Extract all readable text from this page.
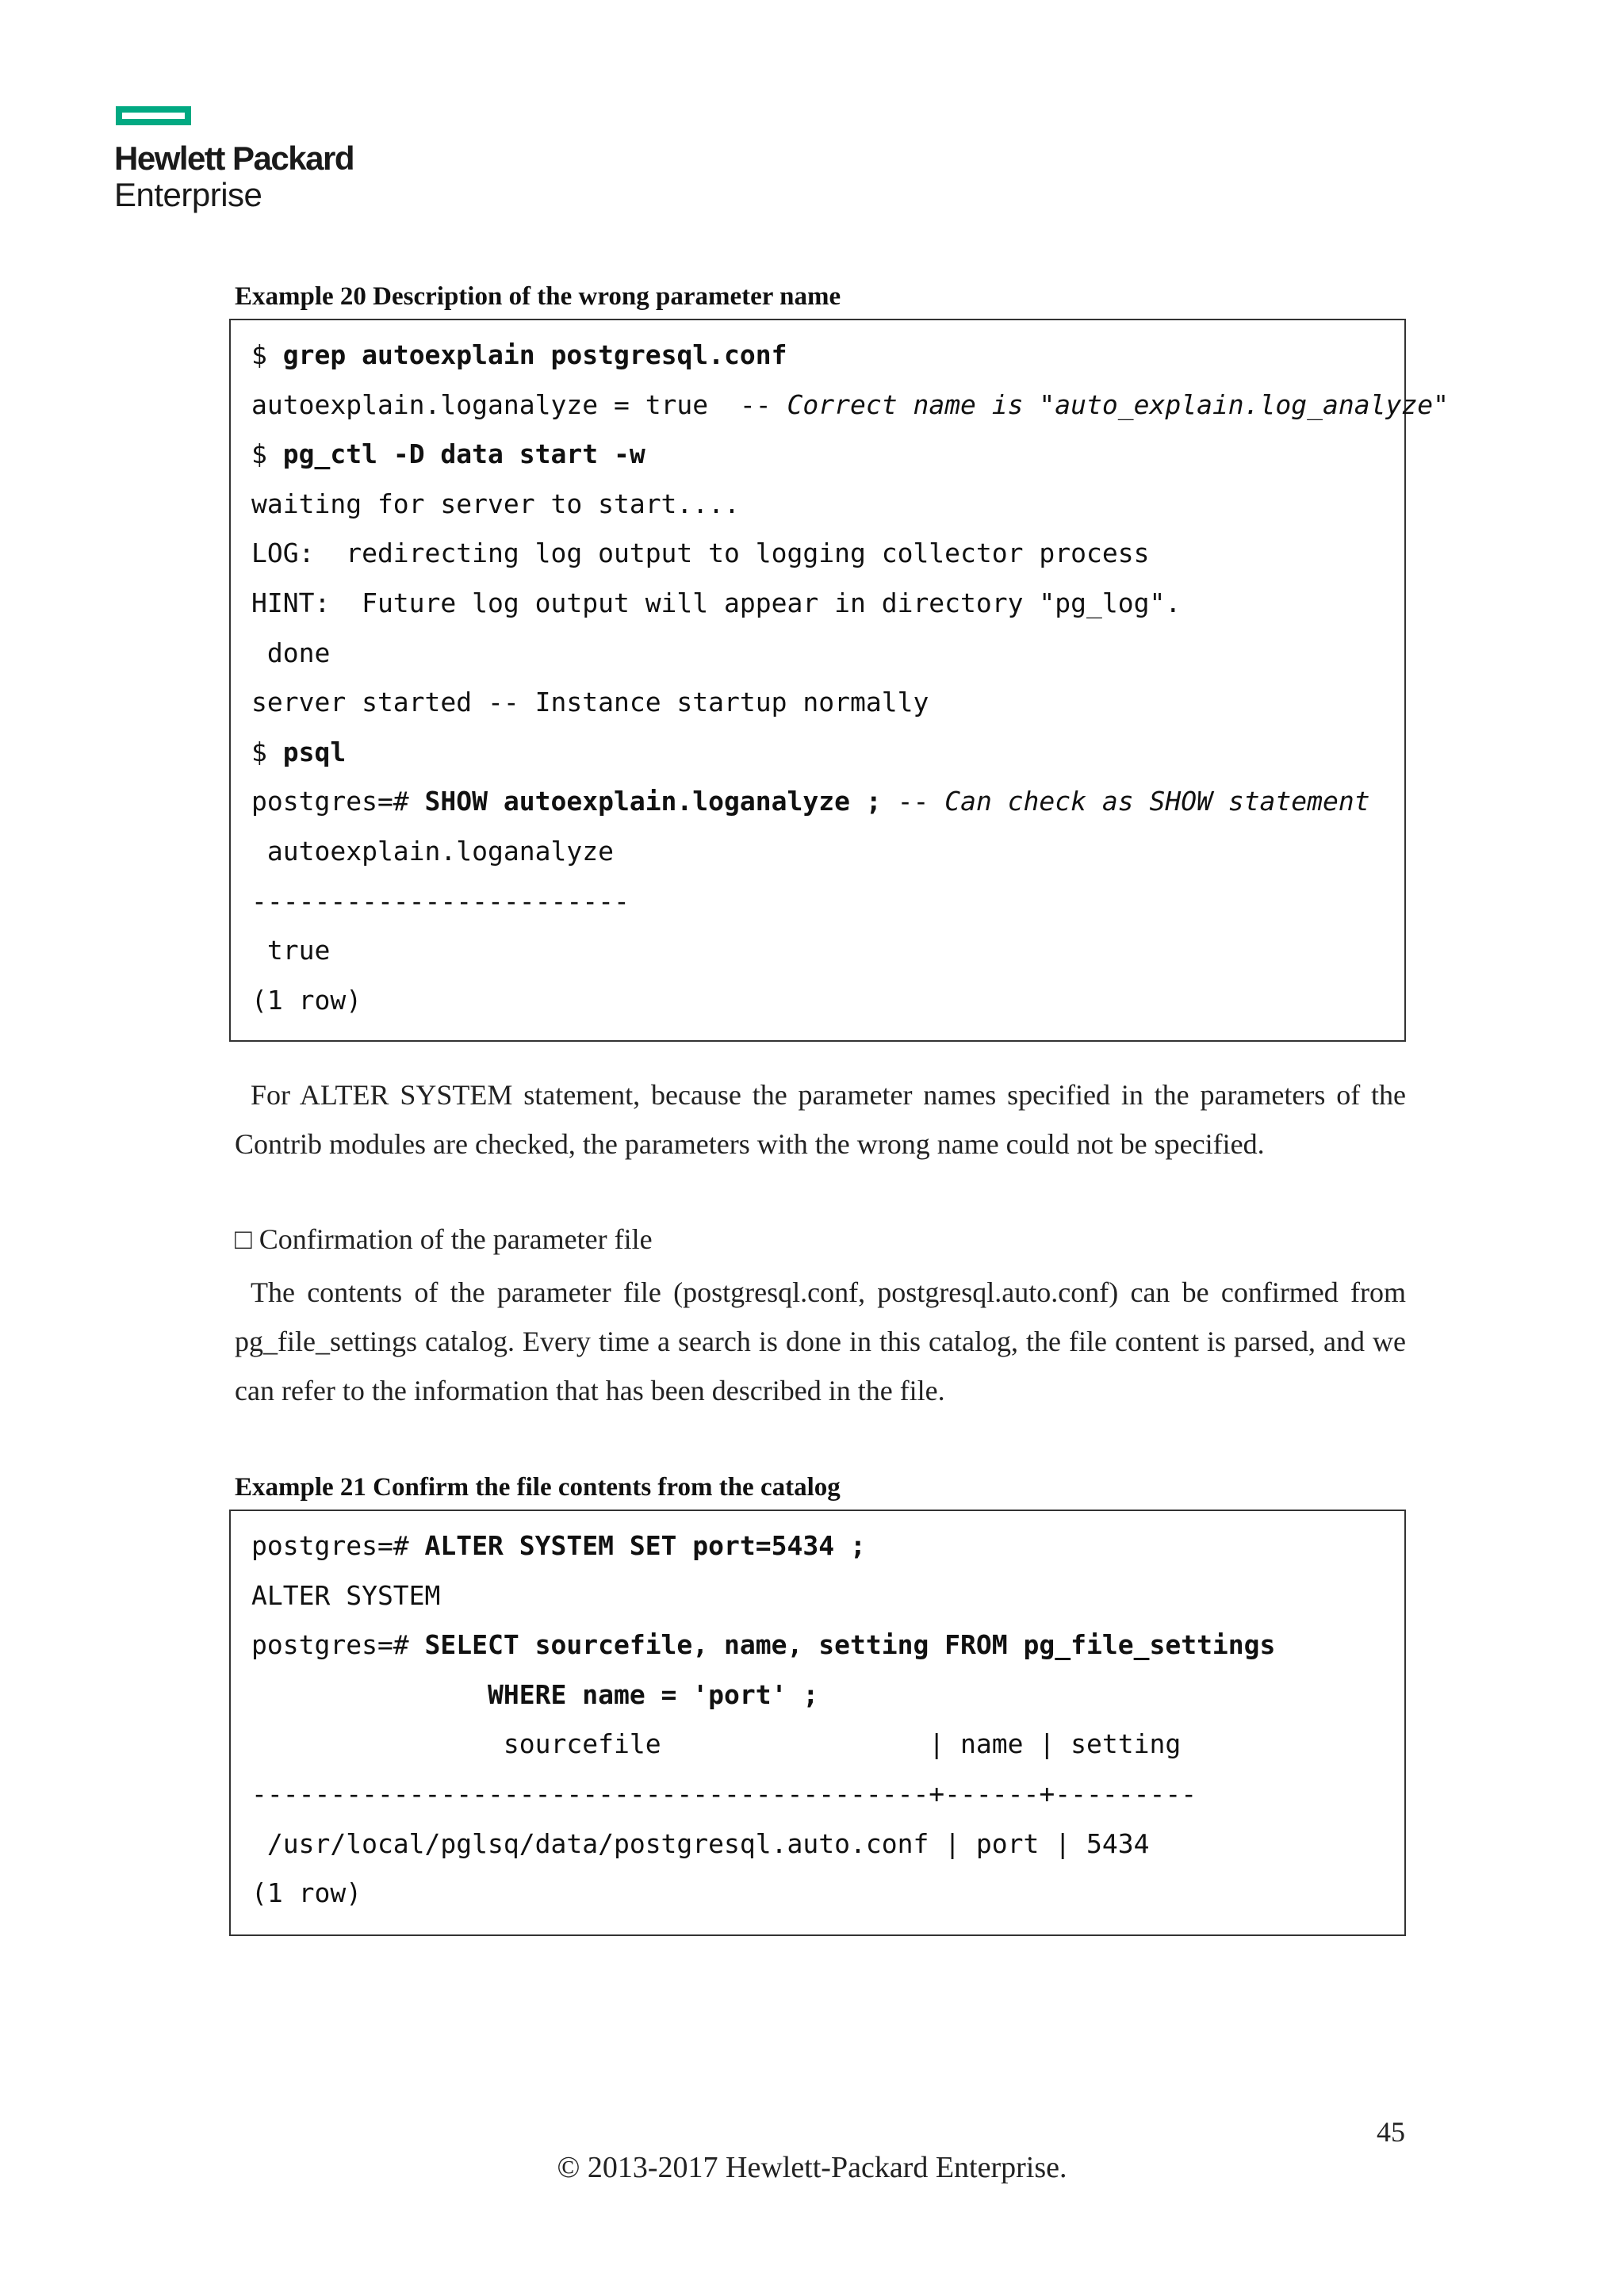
Hewlett Packard
Enterprise
Example 20 Description of the wrong parameter name
$ grep autoexplain postgresql.conf
autoexplain.loganalyze = true  -- Correct name is "auto_explain.log_analyze"
$ pg_ctl -D data start -w
waiting for server to start....
LOG:  redirecting log output to logging collector process
HINT:  Future log output will appear in directory "pg_log".
done
server started -- Instance startup normally
$ psql
postgres=# SHOW autoexplain.loganalyze ; -- Can check as SHOW statement
autoexplain.loganalyze
------------------------
true
(1 row)

For ALTER SYSTEM statement, because the parameter names specified in the parameters of the Contrib modules are checked, the parameters with the wrong name could not be specified.

□ Confirmation of the parameter file

The contents of the parameter file (postgresql.conf, postgresql.auto.conf) can be confirmed from pg_file_settings catalog. Every time a search is done in this catalog, the file content is parsed, and we can refer to the information that has been described in the file.

Example 21 Confirm the file contents from the catalog
postgres=# ALTER SYSTEM SET port=5434 ;
ALTER SYSTEM
postgres=# SELECT sourcefile, name, setting FROM pg_file_settings
WHERE name = 'port' ;
sourcefile                 | name | setting
-------------------------------------------+------+---------
/usr/local/pglsq/data/postgresql.auto.conf | port | 5434
(1 row)
45
© 2013-2017 Hewlett-Packard Enterprise.
